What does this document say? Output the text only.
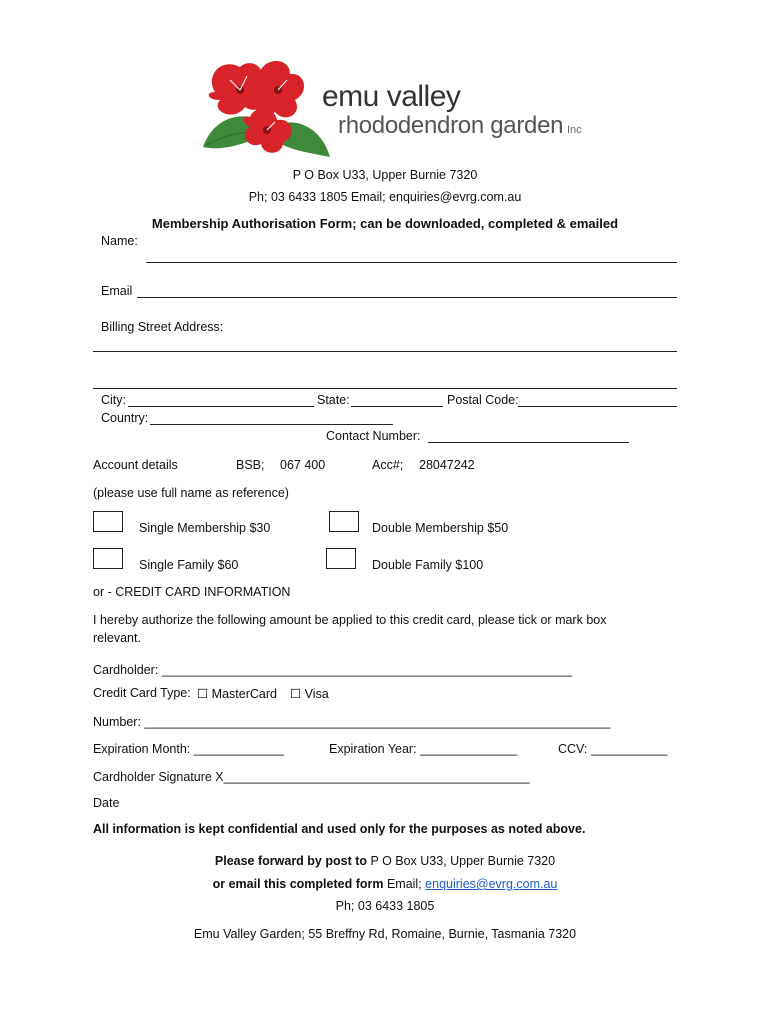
emu valley
rhododendron garden Inc
P O Box U33, Upper Burnie 7320
Ph; 03 6433 1805 Email; enquiries@evrg.com.au
Membership Authorisation Form; can be downloaded, completed & emailed
Name:
Email
Billing Street Address:
City:	State:	Postal Code:
Country:
Contact Number:
Account details	BSB; 067 400	Acc#; 28047242
(please use full name as reference)
Single Membership $30	Double Membership $50
Single Family $60	Double Family $100
or - CREDIT CARD INFORMATION
I hereby authorize the following amount be applied to this credit card, please tick or mark box
relevant.
Cardholder: ___________________________________________________________
Credit Card Type: ☐ MasterCard ☐ Visa
Number: ___________________________________________________________________
Expiration Month: _____________	Expiration Year: ______________	CCV: ___________
Cardholder Signature X____________________________________________
Date
All information is kept confidential and used only for the purposes as noted above.
Please forward by post to P O Box U33, Upper Burnie 7320
or email this completed form Email; enquiries@evrg.com.au
Ph; 03 6433 1805
Emu Valley Garden; 55 Breffny Rd, Romaine, Burnie, Tasmania 7320
